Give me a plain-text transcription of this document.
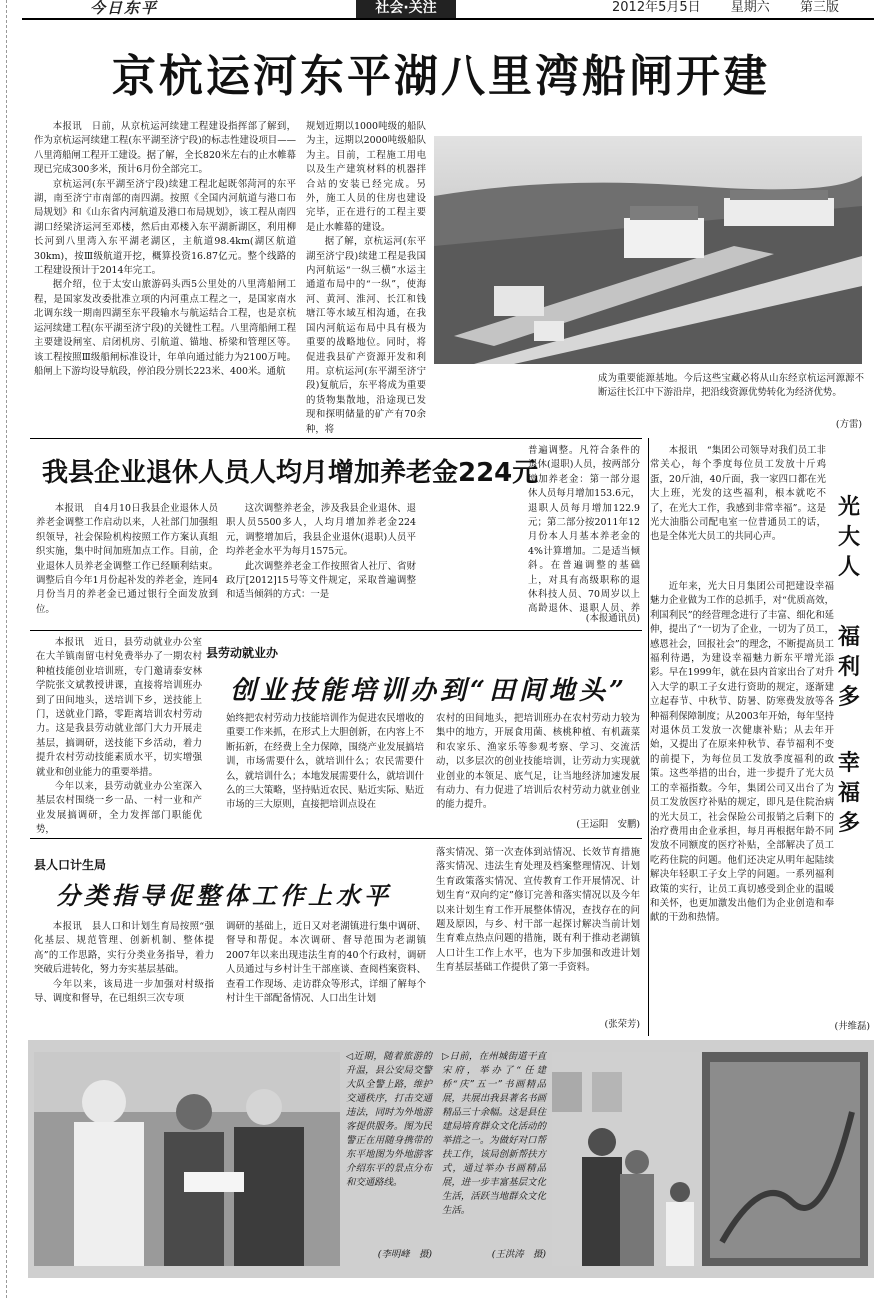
今日东平	社会·关注	2012年5月5日 星期六 第三版
京杭运河东平湖八里湾船闸开建

本报讯　日前，从京杭运河续建工程建设指挥部了解到，作为京杭运河续建工程(东平湖至济宁段)的标志性建设项目——八里湾船闸工程开工建设。据了解，全长820米左右的止水帷幕现已完成300多米，预计6月份全部完工。

京杭运河(东平湖至济宁段)续建工程北起既邻菏河的东平湖，南至济宁市南部的南四湖。按照《全国内河航道与港口布局规划》和《山东省内河航道及港口布局规划》，该工程从南四湖口经梁济运河至邓楼，然后由邓楼入东平湖新湖区，利用柳长河到八里湾入东平湖老湖区，主航道98.4km(湖区航道30km)，按Ⅲ级航道开挖，概算投资16.87亿元。整个线路的工程建设预计于2014年完工。

据介绍，位于太安山旅游码头西5公里处的八里湾船闸工程，是国家发改委批准立项的内河重点工程之一，是国家南水北调东线一期南四湖至东平段输水与航运结合工程，也是京杭运河续建工程(东平湖至济宁段)的关键性工程。八里湾船闸工程主要建设闸室、启闭机房、引航道、锚地、桥梁和管理区等。该工程按照Ⅲ级船闸标准设计，年单向通过能力为2100万吨。船闸上下游均设导航段，停泊段分别长223米、400米。通航

规划近期以1000吨级的船队为主，远期以2000吨级船队为主。目前，工程施工用电以及生产建筑材料的机器拌合站的安装已经完成。另外，施工人员的住房也建设完毕，正在进行的工程主要是止水帷幕的建设。

据了解，京杭运河(东平湖至济宁段)续建工程是我国内河航运“一纵三横”水运主通道布局中的“一纵”，使海河、黄河、淮河、长江和钱塘江等水域互相沟通，在我国内河航运布局中具有极为重要的战略地位。同时，将促进我县矿产资源开发和利用。京杭运河(东平湖至济宁段)复航后，东平将成为重要的货物集散地，沿途现已发现和探明储量的矿产有70余种，将

成为重要能源基地。今后这些宝藏必将从山东经京杭运河源源不断运往长江中下游沿岸，把沿线资源优势转化为经济优势。

(方雷)
我县企业退休人员人均月增加养老金224元

本报讯　自4月10日我县企业退休人员养老金调整工作启动以来，人社部门加强组织领导，社会保险机构按照工作方案认真组织实施，集中时间加班加点工作。目前，企业退休人员养老金调整工作已经顺利结束。调整后自今年1月份起补发的养老金，连同4月份当月的养老金已通过银行全面发放到位。

这次调整养老金，涉及我县企业退休、退职人员5500多人，人均月增加养老金224元，调整增加后，我县企业退休(退职)人员平均养老金水平为每月1575元。

此次调整养老金工作按照省人社厅、省财政厅[2012]15号等文件规定，采取普遍调整和适当倾斜的方式：一是

普遍调整。凡符合条件的退休(退职)人员，按两部分增加养老金：第一部分退休人员每月增加153.6元，退职人员每月增加122.9元；第二部分按2011年12月份本人月基本养老金的4%计算增加。二是适当倾斜。在普遍调整的基础上，对具有高级职称的退休科技人员、70周岁以上高龄退休、退职人员、养

(本报通讯员)

本报讯　近日，县劳动就业办公室在大羊镇南留屯村免费举办了一期农村种植技能创业培训班，专门邀请泰安林学院张文斌教授讲课，直接将培训班办到了田间地头，送培训下乡，送技能上门，送就业门路，零距离培训农村劳动力。这是我县劳动就业部门大力开展走基层，搞调研，送技能下乡活动，着力提升农村劳动技能素质水平，切实增强就业和创业能力的重要举措。

今年以来，县劳动就业办公室深入基层农村围绕一乡一品、一村一业和产业发展搞调研，全力发挥部门职能优势，

县劳动就业办
创业技能培训办到“田间地头”

始终把农村劳动力技能培训作为促进农民增收的重要工作来抓，在形式上大胆创新，在内容上不断拓新，在经费上全力保障，围绕产业发展搞培训，市场需要什么，就培训什么；农民需要什么，就培训什么；本地发展需要什么，就培训什么的三大策略，坚持贴近农民、贴近实际、贴近市场的三大原则，直接把培训点设在

农村的田间地头，把培训班办在农村劳动力较为集中的地方，开展食用菌、核桃种植、有机蔬菜和农家乐、渔家乐等参观考察、学习、交流活动，以多层次的创业技能培训，让劳动力实现就业创业的本领足、底气足，让当地经济加速发展有动力、有力促进了培训后农村劳动力就业创业的能力提升。

(王运阳　安鹏)
县人口计生局
分类指导促整体工作上水平

本报讯　县人口和计划生育局按照“强化基层、规范管理、创新机制、整体提高”的工作思路，实行分类业务指导，着力突破后进转化，努力夯实基层基础。

今年以来，该局进一步加强对村级指导、调度和督导，在已组织三次专项

调研的基础上，近日又对老湖镇进行集中调研、督导和帮促。本次调研、督导范围为老湖镇2007年以来出现违法生育的40个行政村，调研人员通过与乡村计生干部座谈、查阅档案资料、查看工作现场、走访群众等形式，详细了解每个村计生干部配备情况、人口出生计划

落实情况、第一次查体到站情况、长效节育措施落实情况、违法生育处理及档案整理情况、计划生育政策落实情况、宣传教育工作开展情况、计划生育“双向约定”修订完善和落实情况以及今年以来计划生育工作开展整体情况，查找存在的问题及原因，与乡、村干部一起探讨解决当前计划生育难点热点问题的措施，既有利于推动老湖镇人口计生工作上水平，也为下步加强和改进计划生育基层基础工作提供了第一手资料。

(张荣芳)

本报讯　“集团公司领导对我们员工非常关心，每个季度每位员工发放十斤鸡蛋，20斤油，40斤面，我一家四口都在光大上班，光发的这些福利，根本就吃不了，在光大工作，我感到非常幸福”。这是光大油脂公司配电室一位普通员工的话，也是全体光大员工的共同心声。

光大人
福利多
幸福多

近年来，光大日月集团公司把建设幸福魅力企业做为工作的总抓手，对“优质高效，利国利民”的经营理念进行了丰富、细化和延伸，提出了“一切为了企业，一切为了员工，感恩社会，回报社会”的理念，不断提高员工福利待遇，为建设幸福魅力新东平增光添彩。早在1999年，就在县内首家出台了对升入大学的职工子女进行资助的规定，逐渐建立起春节、中秋节、防暑、防寒费发放等各种福利保障制度；从2003年开始，每年坚持对退休员工发放一次健康补贴；从去年开始，又提出了在原来仲秋节、春节福利不变的前提下，为每位员工发放季度福利的政策。这些举措的出台，进一步提升了光大员工的幸福指数。今年，集团公司又出台了为员工发放医疗补贴的规定，即凡是住院治病的光大员工，社会保险公司报销之后剩下的治疗费用由企业承担，每月再根据年龄不同发放不同额度的医疗补贴，全部解决了员工吃药住院的问题。他们还决定从明年起陆续解决年轻职工子女上学的问题。一系列福利政策的实行，让员工真切感受到企业的温暖和关怀，也更加激发出他们为企业创造和奉献的干劲和热情。

(井维磊)
◁近期，随着旅游的升温，县公安局交警大队全警上路，维护交通秩序，打击交通违法，同时为外地游客提供服务。图为民警正在用随身携带的东平地图为外地游客介绍东平的景点分布和交通路线。
(李明峰　摄)
▷日前，在州城街道干直宋府，举办了“任建桥“庆”五一”书画精品展，共展出我县著名书画精品三十余幅。这是县住建局培育群众文化活动的举措之一。为做好对口帮扶工作，该局创新帮扶方式，通过举办书画精品展，进一步丰富基层文化生活，活跃当地群众文化生活。
(王洪涛　摄)
